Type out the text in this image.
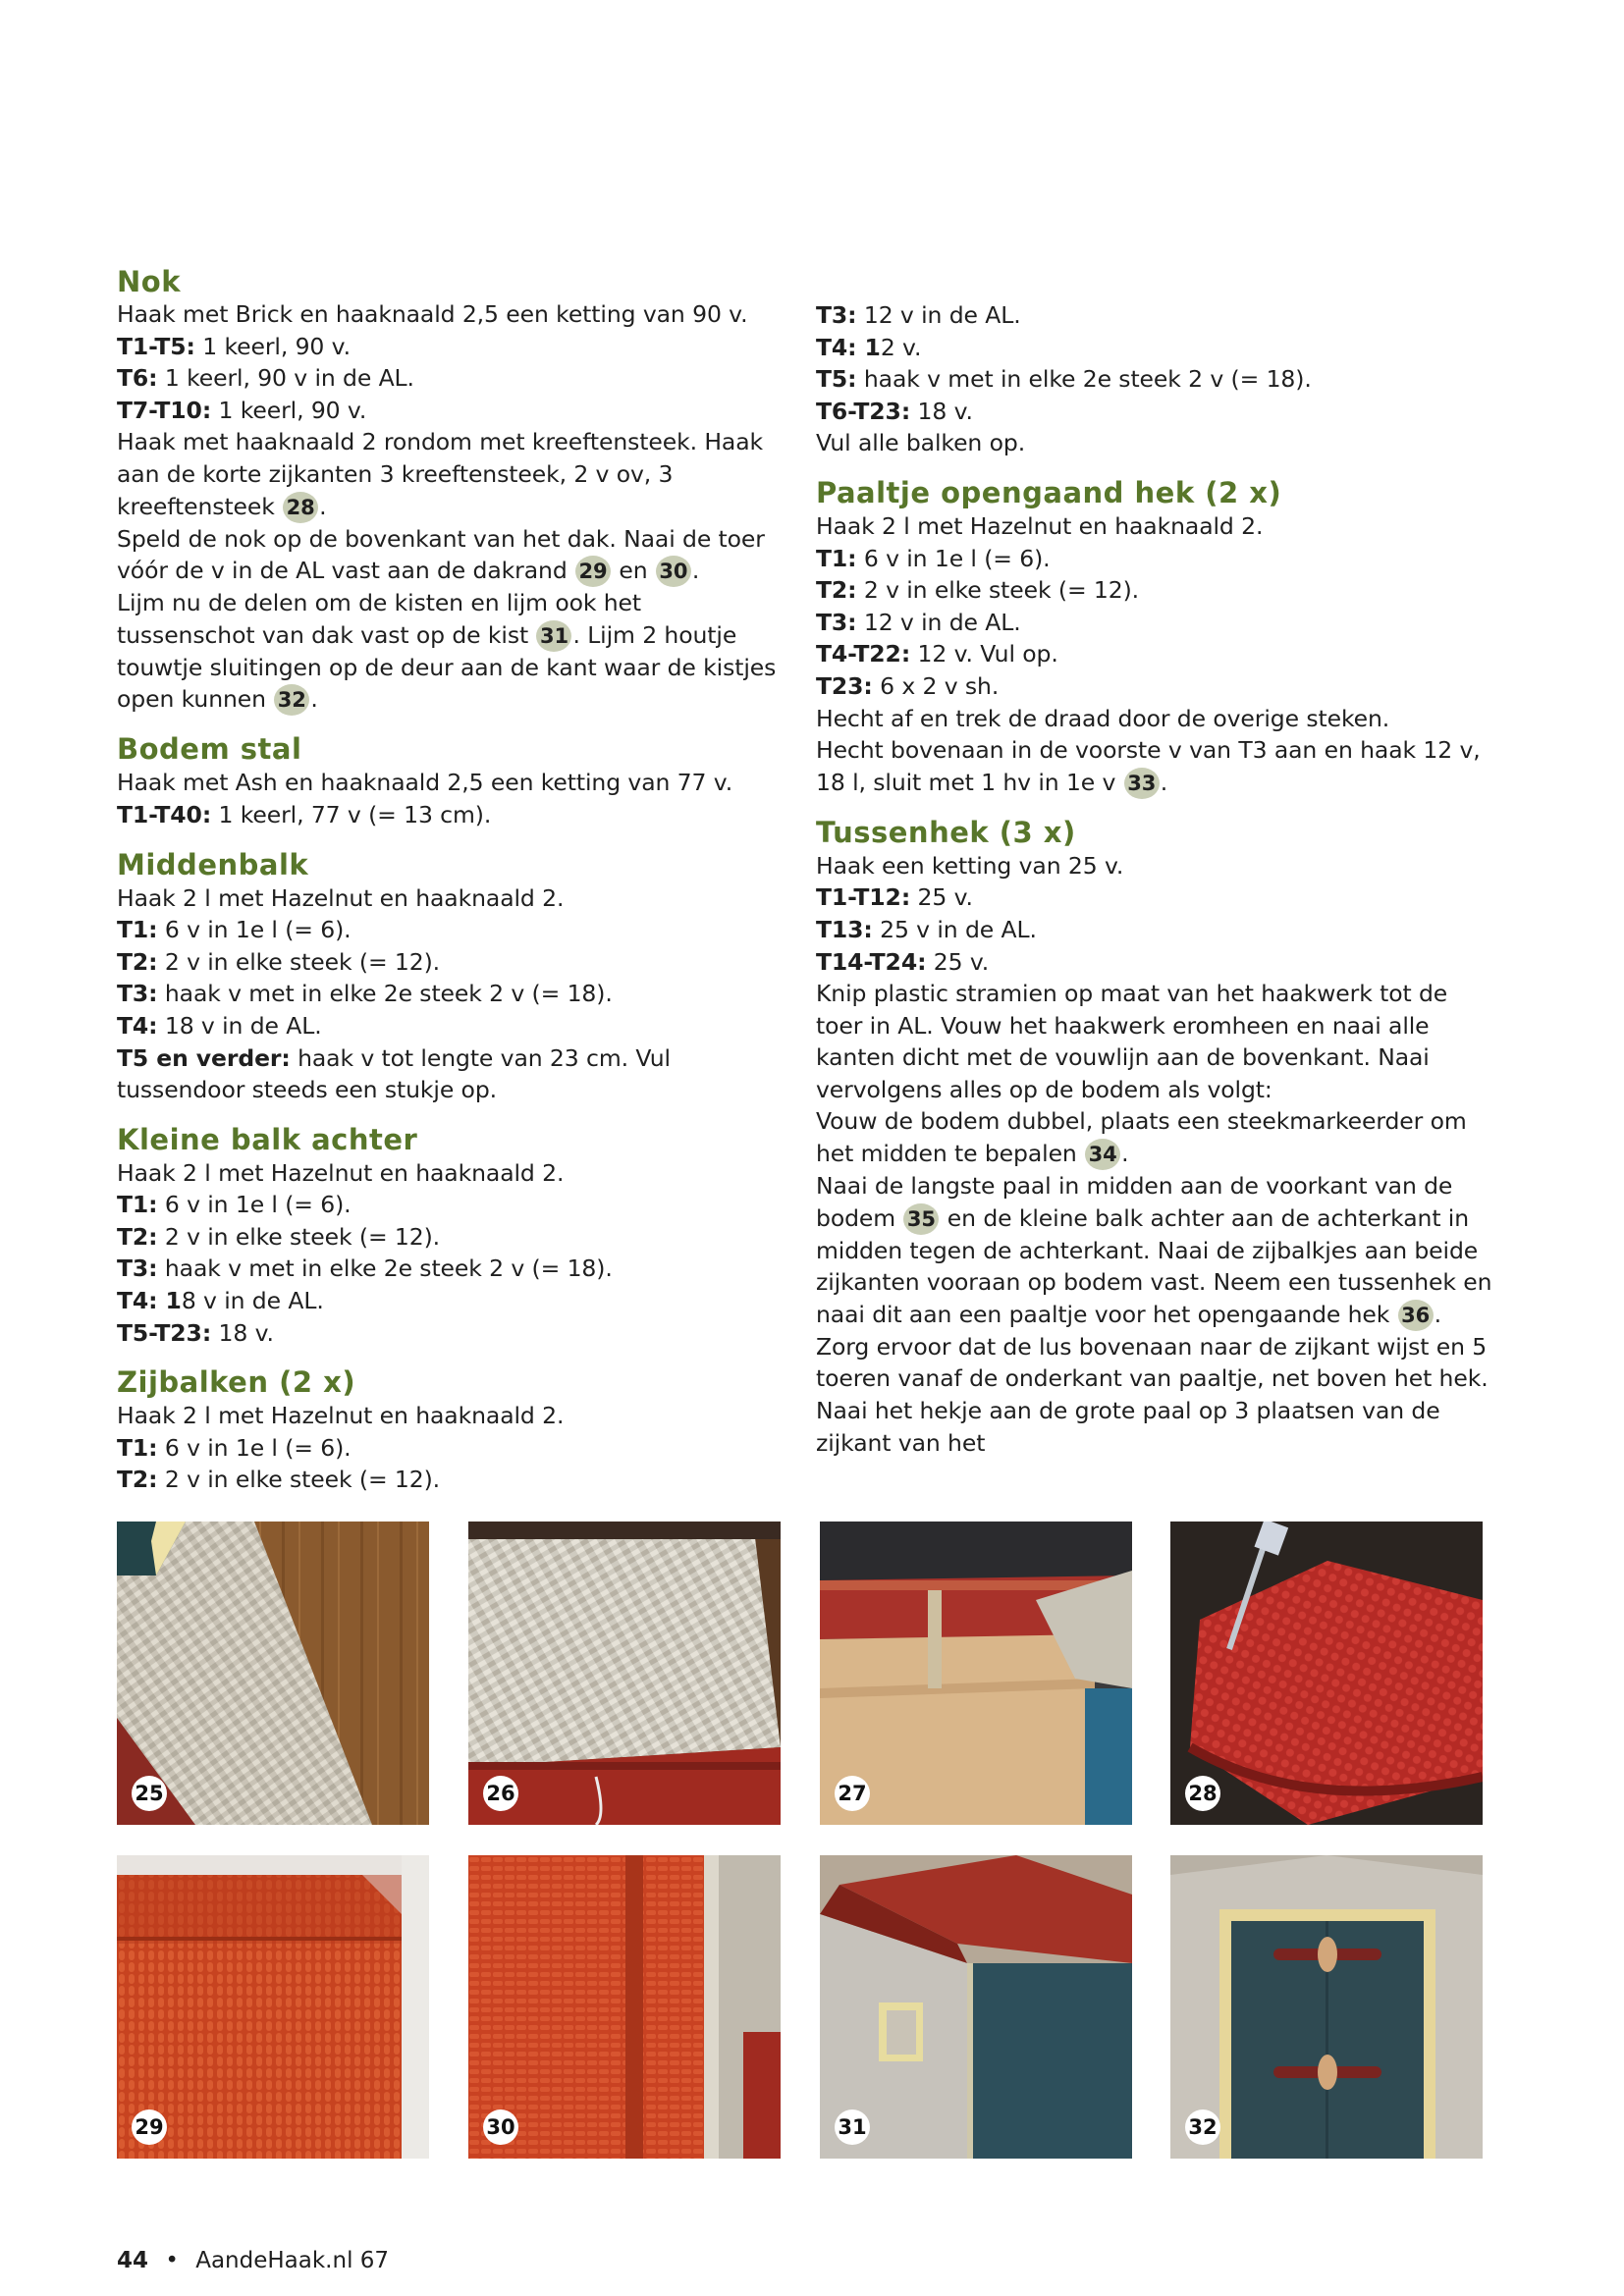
Nok

Haak met Brick en haaknaald 2,5 een ketting van 90 v.

T1-T5: 1 keerl, 90 v.

T6: 1 keerl, 90 v in de AL.

T7-T10: 1 keerl, 90 v.

Haak met haaknaald 2 rondom met kreeftensteek. Haak aan de korte zijkanten 3 kreeftensteek, 2 v ov, 3 kreeftensteek 28 .

Speld de nok op de bovenkant van het dak. Naai de toer vóór de v in de AL vast aan de dakrand 29 en 30 .

Lijm nu de delen om de kisten en lijm ook het tussenschot van dak vast op de kist 31 . Lijm 2 houtje touwtje sluitingen op de deur aan de kant waar de kistjes open kunnen 32 .

Bodem stal

Haak met Ash en haaknaald 2,5 een ketting van 77 v.

T1-T40: 1 keerl, 77 v (= 13 cm).

Middenbalk

Haak 2 l met Hazelnut en haaknaald 2.

T1: 6 v in 1e l (= 6).

T2: 2 v in elke steek (= 12).

T3: haak v met in elke 2e steek 2 v (= 18).

T4: 18 v in de AL.

T5 en verder: haak v tot lengte van 23 cm. Vul tussendoor steeds een stukje op.

Kleine balk achter

Haak 2 l met Hazelnut en haaknaald 2.

T1: 6 v in 1e l (= 6).

T2: 2 v in elke steek (= 12).

T3: haak v met in elke 2e steek 2 v (= 18).

T4: 18 v in de AL.

T5-T23: 18 v.

Zijbalken (2 x)

Haak 2 l met Hazelnut en haaknaald 2.

T1: 6 v in 1e l (= 6).

T2: 2 v in elke steek (= 12).

T3: 12 v in de AL.

T4: 12 v.

T5: haak v met in elke 2e steek 2 v (= 18).

T6-T23: 18 v.

Vul alle balken op.

Paaltje opengaand hek (2 x)

Haak 2 l met Hazelnut en haaknaald 2.

T1: 6 v in 1e l (= 6).

T2: 2 v in elke steek (= 12).

T3: 12 v in de AL.

T4-T22: 12 v. Vul op.

T23: 6 x 2 v sh.

Hecht af en trek de draad door de overige steken.

Hecht bovenaan in de voorste v van T3 aan en haak 12 v, 18 l, sluit met 1 hv in 1e v 33 .

Tussenhek (3 x)

Haak een ketting van 25 v.

T1-T12: 25 v.

T13: 25 v in de AL.

T14-T24: 25 v.

Knip plastic stramien op maat van het haakwerk tot de toer in AL. Vouw het haakwerk eromheen en naai alle kanten dicht met de vouwlijn aan de bovenkant. Naai vervolgens alles op de bodem als volgt:

Vouw de bodem dubbel, plaats een steekmarkeerder om het midden te bepalen 34 .

Naai de langste paal in midden aan de voorkant van de bodem 35 en de kleine balk achter aan de achterkant in midden tegen de achterkant. Naai de zijbalkjes aan beide zijkanten vooraan op bodem vast. Neem een tussenhek en naai dit aan een paaltje voor het opengaande hek 36 . Zorg ervoor dat de lus bovenaan naar de zijkant wijst en 5 toeren vanaf de onderkant van paaltje, net boven het hek. Naai het hekje aan de grote paal op 3 plaatsen van de zijkant van het

25	26	27	28
29	30	31	32
44 • AandeHaak.nl 67
